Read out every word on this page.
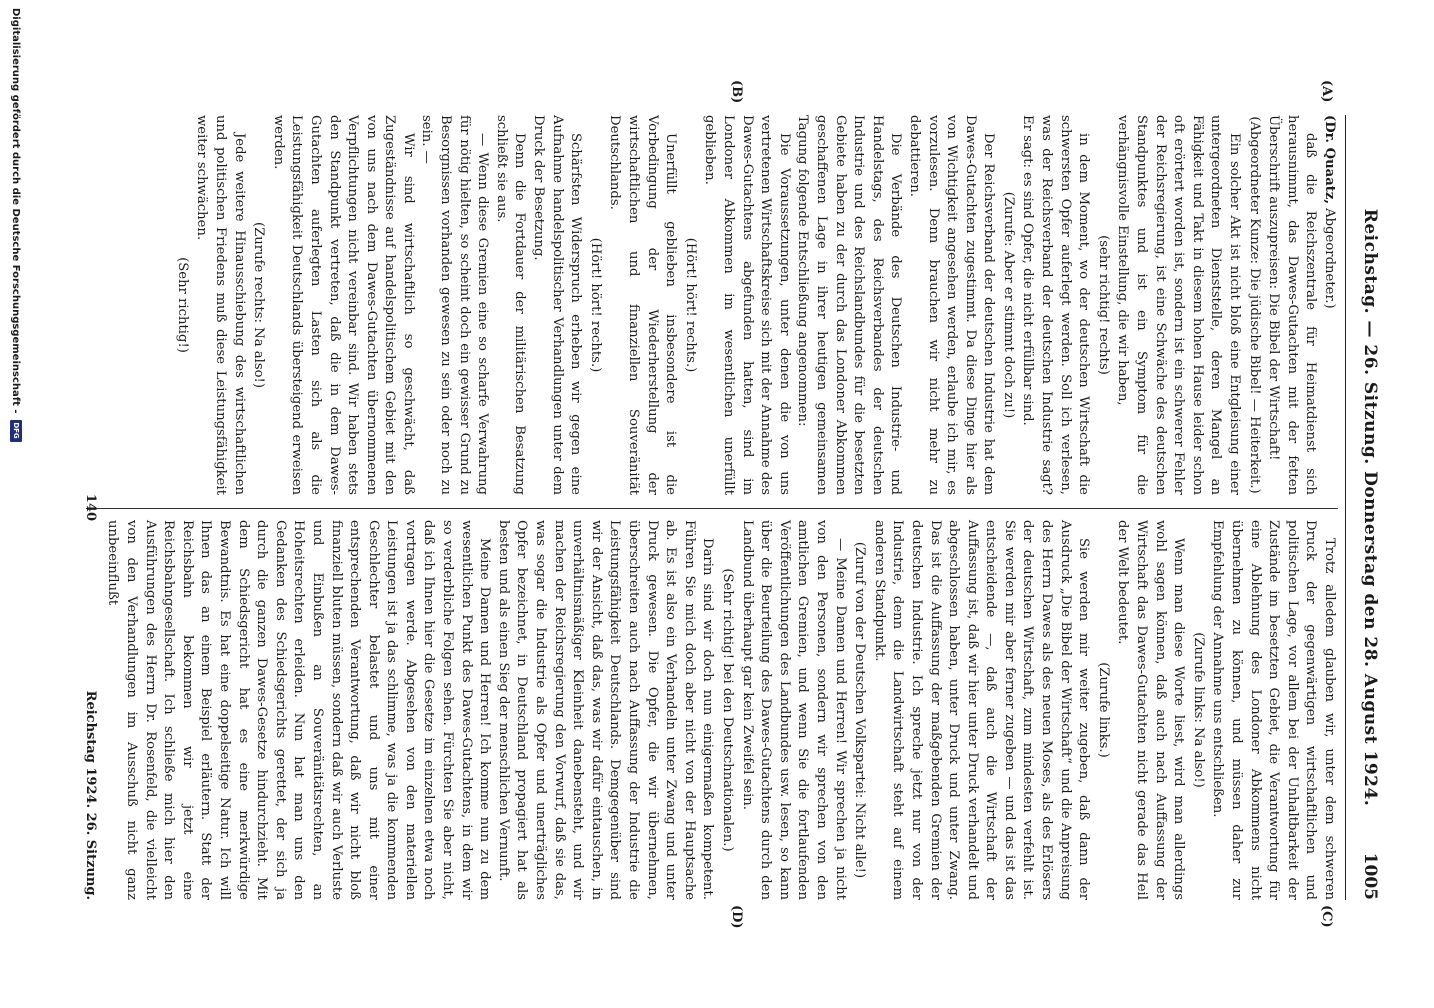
Reichstag. — 26. Sitzung. Donnerstag den 28. August 1924.
1005
(A)
(B)
(C)
(D)

(Dr. Quaatz, Abgeordneter.)

daß die Reichszentrale für Heimatdienst sich herausnimmt, das Dawes-Gutachten mit der fetten Überschrift auszupreisen: Die Bibel der Wirtschaft!

(Abgeordneter Kunze: Die jüdische Bibel! — Heiterkeit.)

Ein solcher Akt ist nicht bloß eine Entgleisung einer untergeordneten Dienststelle, deren Mangel an Fähigkeit und Takt in diesem hohen Hause leider schon oft erörtert worden ist, sondern ist ein schwerer Fehler der Reichsregierung, ist eine Schwäche des deutschen Standpunktes und ist ein Symptom für die verhängnisvolle Einstellung, die wir haben,

(sehr richtig! rechts)

in dem Moment, wo der deutschen Wirtschaft die schwersten Opfer auferlegt werden. Soll ich verlesen, was der Reichsverband der deutschen Industrie sagt? Er sagt: es sind Opfer, die nicht erfüllbar sind.

(Zurufe: Aber er stimmt doch zu!)

Der Reichsverband der deutschen Industrie hat dem Dawes-Gutachten zugestimmt. Da diese Dinge hier als von Wichtigkeit angesehen werden, erlaube ich mir, es vorzulesen. Denn brauchen wir nicht mehr zu debattieren.

Die Verbände des Deutschen Industrie- und Handelstags, des Reichsverbandes der deutschen Industrie und des Reichslandbundes für die besetzten Gebiete haben zu der durch das Londoner Abkommen geschaffenen Lage in ihrer heutigen gemeinsamen Tagung folgende Entschließung angenommen:

Die Voraussetzungen, unter denen die von uns vertretenen Wirtschaftskreise sich mit der Annahme des Dawes-Gutachtens abgefunden hatten, sind im Londoner Abkommen im wesentlichen unerfüllt geblieben.

(Hört! hört! rechts.)

Unerfüllt geblieben insbesondere ist die Vorbedingung der Wiederherstellung der wirtschaftlichen und finanziellen Souveränität Deutschlands.

(Hört! hört! rechts.)

Schärfsten Widerspruch erheben wir gegen eine Aufnahme handelspolitischer Verhandlungen unter dem Druck der Besetzung.

Denn die Fortdauer der militärischen Besatzung schließt sie aus.

— Wenn diese Gremien eine so scharfe Verwahrung für nötig hielten, so scheint doch ein gewisser Grund zu Besorgnissen vorhanden gewesen zu sein oder noch zu sein. —

Wir sind wirtschaftlich so geschwächt, daß Zugeständnisse auf handelspolitischem Gebiet mit den von uns nach dem Dawes-Gutachten übernommenen Verpflichtungen nicht vereinbar sind. Wir haben stets den Standpunkt vertreten, daß die in dem Dawes-Gutachten auferlegten Lasten sich als die Leistungsfähigkeit Deutschlands übersteigend erweisen werden.

(Zurufe rechts: Na also!)

Jede weitere Hinausschiebung des wirtschaftlichen und politischen Friedens muß diese Leistungsfähigkeit weiter schwächen.

(Sehr richtig!)

Trotz alledem glauben wir, unter dem schweren Druck der gegenwärtigen wirtschaftlichen und politischen Lage, vor allem bei der Unhaltbarkeit der Zustände im besetzten Gebiet, die Verantwortung für eine Ablehnung des Londoner Abkommens nicht übernehmen zu können, und müssen daher zur Empfehlung der Annahme uns entschließen.

(Zurufe links: Na also!)

Wenn man diese Worte liest, wird man allerdings wohl sagen können, daß auch nach Auffassung der Wirtschaft das Dawes-Gutachten nicht gerade das Heil der Welt bedeutet.

(Zurufe links.)

Sie werden mir weiter zugeben, daß dann der Ausdruck „Die Bibel der Wirtschaft“ und die Anpreisung des Herrn Dawes als des neuen Moses, als des Erlösers der deutschen Wirtschaft, zum mindesten verfehlt ist. Sie werden mir aber ferner zugeben — und das ist das entscheidende —, daß auch die Wirtschaft der Auffassung ist, daß wir hier unter Druck verhandelt und abgeschlossen haben, unter Druck und unter Zwang. Das ist die Auffassung der maßgebenden Gremien der deutschen Industrie. Ich spreche jetzt nur von der Industrie, denn die Landwirtschaft steht auf einem anderen Standpunkt.

(Zuruf von der Deutschen Volkspartei: Nicht alle!)

— Meine Damen und Herren! Wir sprechen ja nicht von den Personen, sondern wir sprechen von den amtlichen Gremien, und wenn Sie die fortlaufenden Veröffentlichungen des Landbundes usw. lesen, so kann über die Beurteilung des Dawes-Gutachtens durch den Landbund überhaupt gar kein Zweifel sein.

(Sehr richtig! bei den Deutschnationalen.)

Darin sind wir doch nun einigermaßen kompetent. Führen Sie mich doch aber nicht von der Hauptsache ab. Es ist also ein Verhandeln unter Zwang und unter Druck gewesen. Die Opfer, die wir übernehmen, überschreiten auch nach Auffassung der Industrie die Leistungsfähigkeit Deutschlands. Demgegenüber sind wir der Ansicht, daß das, was wir dafür eintauschen, in unverhältnismäßiger Kleinheit danebensteht, und wir machen der Reichsregierung den Vorwurf, daß sie das, was sogar die Industrie als Opfer und unerträgliches Opfer bezeichnet, in Deutschland propagiert hat als besten und als einen Sieg der menschlichen Vernunft.

Meine Damen und Herren! Ich komme nun zu dem wesentlichen Punkt des Dawes-Gutachtens, in dem wir so verderbliche Folgen sehen. Fürchten Sie aber nicht, daß ich Ihnen hier die Gesetze im einzelnen etwa noch vortragen werde. Abgesehen von den materiellen Leistungen ist ja das schlimme, was ja die kommenden Geschlechter belastet und uns mit einer entsprechenden Verantwortung, daß wir nicht bloß finanziell bluten müssen, sondern daß wir auch Verluste und Einbußen an Souveränitätsrechten, an Hoheitsrechten erleiden. Nun hat man uns den Gedanken des Schiedsgerichts gerettet, der sich ja durch die ganzen Dawes-Gesetze hindurchzieht. Mit dem Schiedsgericht hat es eine merkwürdige Bewandtnis. Es hat eine doppelseitige Natur. Ich will Ihnen das an einem Beispiel erläutern. Statt der Reichsbahn bekommen wir jetzt eine Reichsbahngesellschaft. Ich schließe mich hier den Ausführungen des Herrn Dr. Rosenfeld, die vielleicht von den Verhandlungen im Ausschuß nicht ganz unbeeinflußt

Reichstag 1924. 26. Sitzung.
140
Digitalisierung gefördert durch die Deutsche Forschungsgemeinschaft -
DFG
